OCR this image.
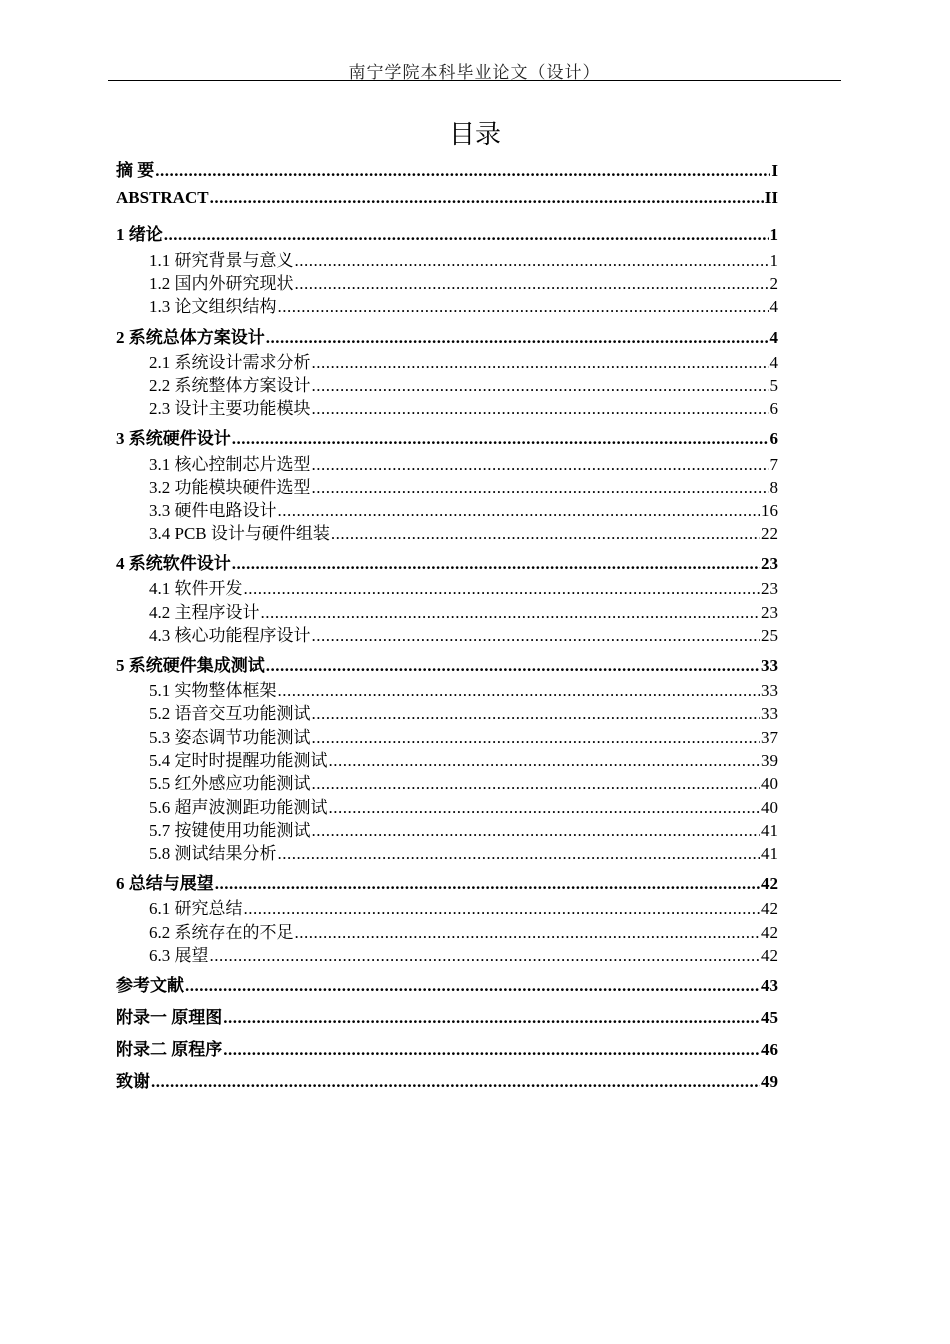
南宁学院本科毕业论文（设计）
目录
摘 要 .....	I
ABSTRACT .....	II
1 绪论 .....	1
1.1 研究背景与意义 .....	1
1.2 国内外研究现状 .....	2
1.3 论文组织结构 .....	4
2 系统总体方案设计 .....	4
2.1 系统设计需求分析 .....	4
2.2 系统整体方案设计 .....	5
2.3 设计主要功能模块 .....	6
3 系统硬件设计 .....	6
3.1 核心控制芯片选型 .....	7
3.2 功能模块硬件选型 .....	8
3.3 硬件电路设计 .....	16
3.4 PCB 设计与硬件组装 .....	22
4 系统软件设计 .....	23
4.1 软件开发 .....	23
4.2 主程序设计 .....	23
4.3 核心功能程序设计 .....	25
5 系统硬件集成测试 .....	33
5.1 实物整体框架 .....	33
5.2 语音交互功能测试 .....	33
5.3 姿态调节功能测试 .....	37
5.4 定时时提醒功能测试 .....	39
5.5 红外感应功能测试 .....	40
5.6 超声波测距功能测试 .....	40
5.7 按键使用功能测试 .....	41
5.8 测试结果分析 .....	41
6 总结与展望 .....	42
6.1 研究总结 .....	42
6.2 系统存在的不足 .....	42
6.3 展望 .....	42
参考文献 .....	43
附录一 原理图 .....	45
附录二 原程序 .....	46
致谢 .....	49
